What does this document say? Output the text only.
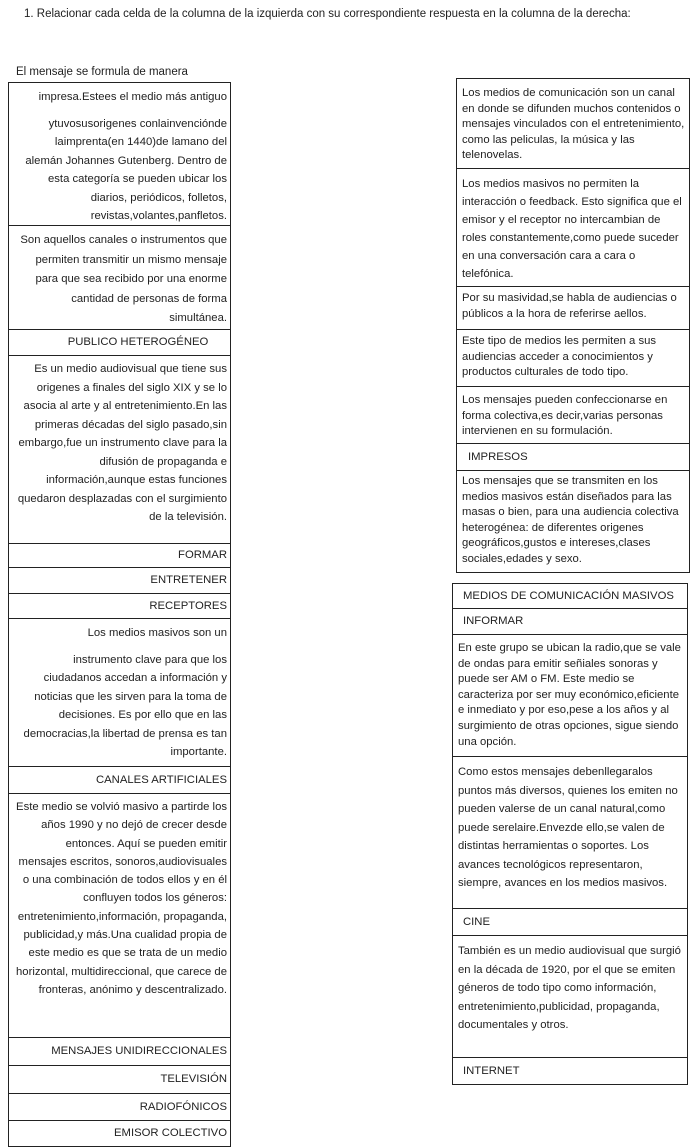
1. Relacionar cada celda de la columna de la izquierda con su correspondiente respuesta en la columna de la derecha:
El mensaje se formula de manera
impresa.Estees el medio más antiguo
ytuvosusorigenes conlainvenciónde laimprenta(en 1440)de lamano del alemán Johannes Gutenberg. Dentro de esta categoría se pueden ubicar los diarios, periódicos, folletos, revistas,volantes,panfletos.
Son aquellos canales o instrumentos que permiten transmitir un mismo mensaje para que sea recibido por una enorme cantidad de personas de forma simultánea.
PUBLICO HETEROGÉNEO
Es un medio audiovisual que tiene sus origenes a finales del siglo XIX y se lo asocia al arte y al entretenimiento.En las primeras décadas del siglo pasado,sin embargo,fue un instrumento clave para la difusión de propaganda e información,aunque estas funciones quedaron desplazadas con el surgimiento de la televisión.
FORMAR
ENTRETENER
RECEPTORES
Los medios masivos son un
instrumento clave para que los ciudadanos accedan a información y noticias que les sirven para la toma de decisiones. Es por ello que en las democracias,la libertad de prensa es tan importante.
CANALES ARTIFICIALES
Este medio se volvió masivo a partirde los años 1990 y no dejó de crecer desde entonces. Aquí se pueden emitir mensajes escritos, sonoros,audiovisuales o una combinación de todos ellos y en él confluyen todos los géneros: entretenimiento,información, propaganda, publicidad,y más.Una cualidad propia de este medio es que se trata de un medio horizontal, multidireccional, que carece de fronteras, anónimo y descentralizado.
MENSAJES UNIDIRECCIONALES
TELEVISIÓN
RADIOFÓNICOS
EMISOR COLECTIVO
Los medios de comunicación son un canal en donde se difunden muchos contenidos o mensajes vinculados con el entretenimiento, como las peliculas, la música y las telenovelas.
Los medios masivos no permiten la interacción o feedback. Esto significa que el emisor y el receptor no intercambian de roles constantemente,como puede suceder en una conversación cara a cara o telefónica.
Por su masividad,se habla de audiencias o públicos a la hora de referirse aellos.
Este tipo de medios les permiten a sus audiencias acceder a conocimientos y productos culturales de todo tipo.
Los mensajes pueden confeccionarse en forma colectiva,es decir,varias personas intervienen en su formulación.
IMPRESOS
Los mensajes que se transmiten en los medios masivos están diseñados para las masas o bien, para una audiencia colectiva heterogénea: de diferentes origenes geográficos,gustos e intereses,clases sociales,edades y sexo.
MEDIOS DE COMUNICACIÓN MASIVOS
INFORMAR
En este grupo se ubican la radio,que se vale de ondas para emitir señiales sonoras y puede ser AM o FM. Este medio se caracteriza por ser muy económico,eficiente e inmediato y por eso,pese a los años y al surgimiento de otras opciones, sigue siendo una opción.
Como estos mensajes debenllegaralos puntos más diversos, quienes los emiten no pueden valerse de un canal natural,como puede serelaire.Envezde ello,se valen de distintas herramientas o soportes. Los avances tecnológicos representaron, siempre, avances en los medios masivos.
CINE
También es un medio audiovisual que surgió en la década de 1920, por el que se emiten géneros de todo tipo como información, entretenimiento,publicidad, propaganda, documentales y otros.
INTERNET
